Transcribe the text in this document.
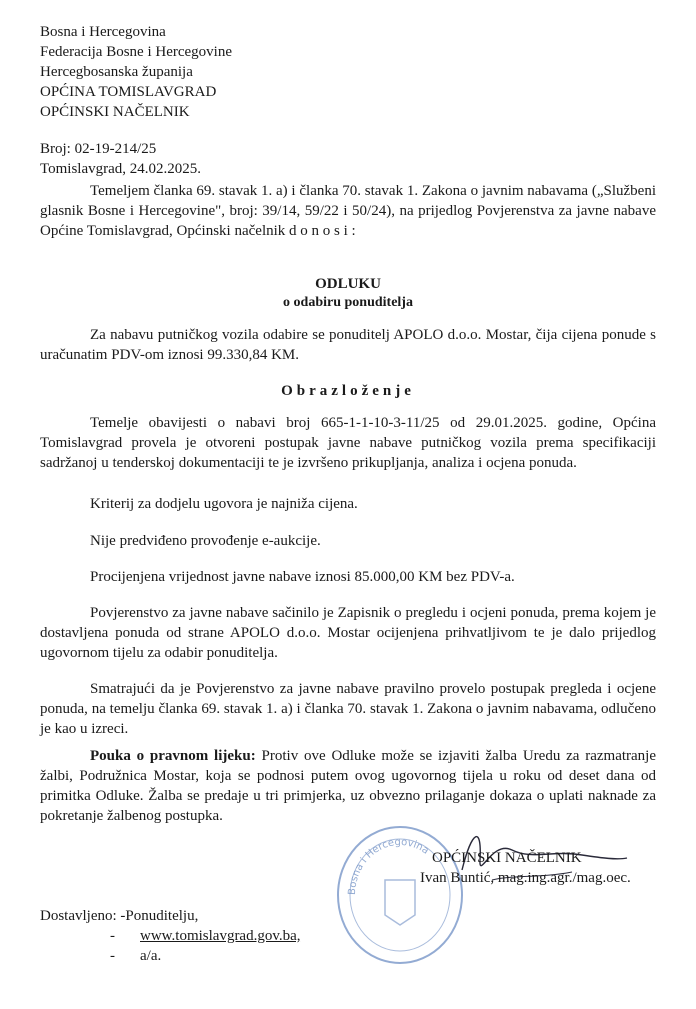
Bosna i Hercegovina
Federacija Bosne i Hercegovine
Hercegbosanska županija
OPĆINA TOMISLAVGRAD
OPĆINSKI NAČELNIK
Broj: 02-19-214/25
Tomislavgrad, 24.02.2025.
Temeljem članka 69. stavak 1. a) i članka 70. stavak 1. Zakona o javnim nabavama („Službeni glasnik Bosne i Hercegovine", broj: 39/14, 59/22 i 50/24), na prijedlog Povjerenstva za javne nabave Općine Tomislavgrad, Općinski načelnik d o n o s i :
ODLUKU
o odabiru ponuditelja
Za nabavu putničkog vozila odabire se ponuditelj APOLO d.o.o. Mostar, čija cijena ponude s uračunatim PDV-om iznosi 99.330,84 KM.
Obrazloženje
Temelje obavijesti o nabavi broj 665-1-1-10-3-11/25 od 29.01.2025. godine, Općina Tomislavgrad provela je otvoreni postupak javne nabave putničkog vozila prema specifikaciji sadržanoj u tenderskoj dokumentaciji te je izvršeno prikupljanja, analiza i ocjena ponuda.
Kriterij za dodjelu ugovora je najniža cijena.
Nije predviđeno provođenje e-aukcije.
Procijenjena vrijednost javne nabave iznosi 85.000,00 KM bez PDV-a.
Povjerenstvo za javne nabave sačinilo je Zapisnik o pregledu i ocjeni ponuda, prema kojem je dostavljena ponuda od strane APOLO d.o.o. Mostar ocijenjena prihvatljivom te je dalo prijedlog ugovornom tijelu za odabir ponuditelja.
Smatrajući da je Povjerenstvo za javne nabave pravilno provelo postupak pregleda i ocjene ponuda, na temelju članka 69. stavak 1. a) i članka 70. stavak 1. Zakona o javnim nabavama, odlučeno je kao u izreci.
Pouka o pravnom lijeku: Protiv ove Odluke može se izjaviti žalba Uredu za razmatranje žalbi, Podružnica Mostar, koja se podnosi putem ovog ugovornog tijela u roku od deset dana od primitka Odluke. Žalba se predaje u tri primjerka, uz obvezno prilaganje dokaza o uplati naknade za pokretanje žalbenog postupka.
Bosna i Hercegovina OPĆINSKI NAČELNIK
Ivan Buntić, mag.ing.agr./mag.oec.
Dostavljeno: -Ponuditelju,
- www.tomislavgrad.gov.ba,
- a/a.
